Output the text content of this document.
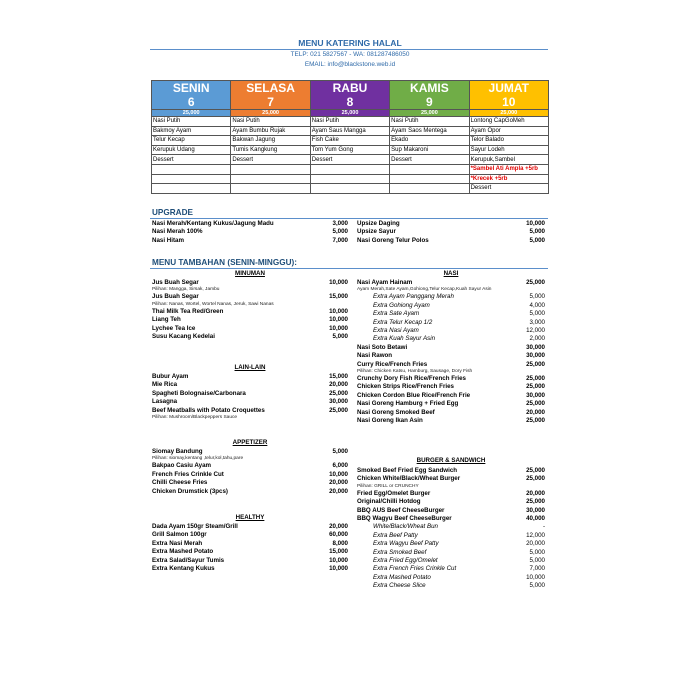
MENU KATERING HALAL
TELP: 021 5827567 - WA: 081287486050
EMAIL: info@blackstone.web.id
SENIN	SELASA	RABU	KAMIS	JUMAT
6	7	8	9	10
25,000	25,000	25,000	25,000	25,000
Nasi Putih	Nasi Putih	Nasi Putih	Nasi Putih	Lontong CapGoMeh
Bakmoy Ayam	Ayam Bumbu Rujak	Ayam Saus Mangga	Ayam Saos Mentega	Ayam Opor
Telur Kecap	Bakwan Jagung	Fish Cake	Ekado	Telor Balado
Kerupuk Udang	Tumis Kangkung	Tom Yum Gong	Sup Makaroni	Sayur Lodeh
Dessert	Dessert	Dessert	Dessert	Kerupuk,Sambel
				*Sambel Ati Ampla +5rb
				*Krecek +5rb
				Dessert
UPGRADE
Nasi Merah/Kentang Kukus/Jagung Madu	3,000
Nasi Merah 100%	5,000
Nasi Hitam	7,000
Upsize Daging	10,000
Upsize Sayur	5,000
Nasi Goreng Telur Polos	5,000
MENU TAMBAHAN (SENIN-MINGGU):
MINUMAN
Jus Buah Segar	10,000
Pilihan: Mangga, Sirsak, Jambu
Jus Buah Segar	15,000
Pilihan: Nanas, Wortel, Wortel Nanas, Jeruk, Sawi Nanas
Thai Milk Tea Red/Green	10,000
Liang Teh	10,000
Lychee Tea Ice	10,000
Susu Kacang Kedelai	5,000
LAIN-LAIN
Bubur Ayam	15,000
Mie Rica	20,000
Spagheti Bolognaise/Carbonara	25,000
Lasagna	30,000
Beef Meatballs with Potato Croquettes	25,000
Pilihan: Mushroom/Blackpeppers Sauce
APPETIZER
Siomay Bandung	5,000
Pilihan: siomay,kentang ,telur,kol,tahu,pare
Bakpao Casiu Ayam	6,000
French Fries Crinkle Cut	10,000
Chilli Cheese Fries	20,000
Chicken Drumstick (3pcs)	20,000
HEALTHY
Dada Ayam 150gr Steam/Grill	20,000
Grill Salmon 100gr	60,000
Extra Nasi Merah	8,000
Extra Mashed Potato	15,000
Extra Salad/Sayur Tumis	10,000
Extra Kentang Kukus	10,000
NASI
Nasi Ayam Hainam	25,000
Ayam Merah,Sate Ayam,Gohiong,Telur Kecap,Kuah Sayur Asin
Extra Ayam Panggang Merah	5,000
Extra Gohiong Ayam	4,000
Extra Sate Ayam	5,000
Extra Telur Kecap 1/2	3,000
Extra Nasi Ayam	12,000
Extra Kuah Sayur Asin	2,000
Nasi Soto Betawi	30,000
Nasi Rawon	30,000
Curry Rice/French Fries	25,000
Pilihan: Chicken Katsu, Hamburg, Sausage, Dory Fish
Crunchy Dory Fish Rice/French Fries	25,000
Chicken Strips Rice/French Fries	25,000
Chicken Cordon Blue Rice/French Frie	30,000
Nasi Goreng Hamburg + Fried Egg	25,000
Nasi Goreng Smoked Beef	20,000
Nasi Goreng Ikan Asin	25,000
BURGER & SANDWICH
Smoked Beef Fried Egg Sandwich	25,000
Chicken White/Black/Wheat Burger	25,000
Pilihan: GRILL or CRUNCHY
Fried Egg/Omelet Burger	20,000
Original/Chilli Hotdog	25,000
BBQ AUS Beef CheeseBurger	30,000
BBQ Wagyu Beef CheeseBurger	40,000
White/Black/Wheat Bun	-
Extra Beef Patty	12,000
Extra Wagyu Beef Patty	20,000
Extra Smoked Beef	5,000
Extra Fried Egg/Omelet	5,000
Extra French Fries Crinkle Cut	7,000
Extra Mashed Potato	10,000
Extra Cheese Slice	5,000
